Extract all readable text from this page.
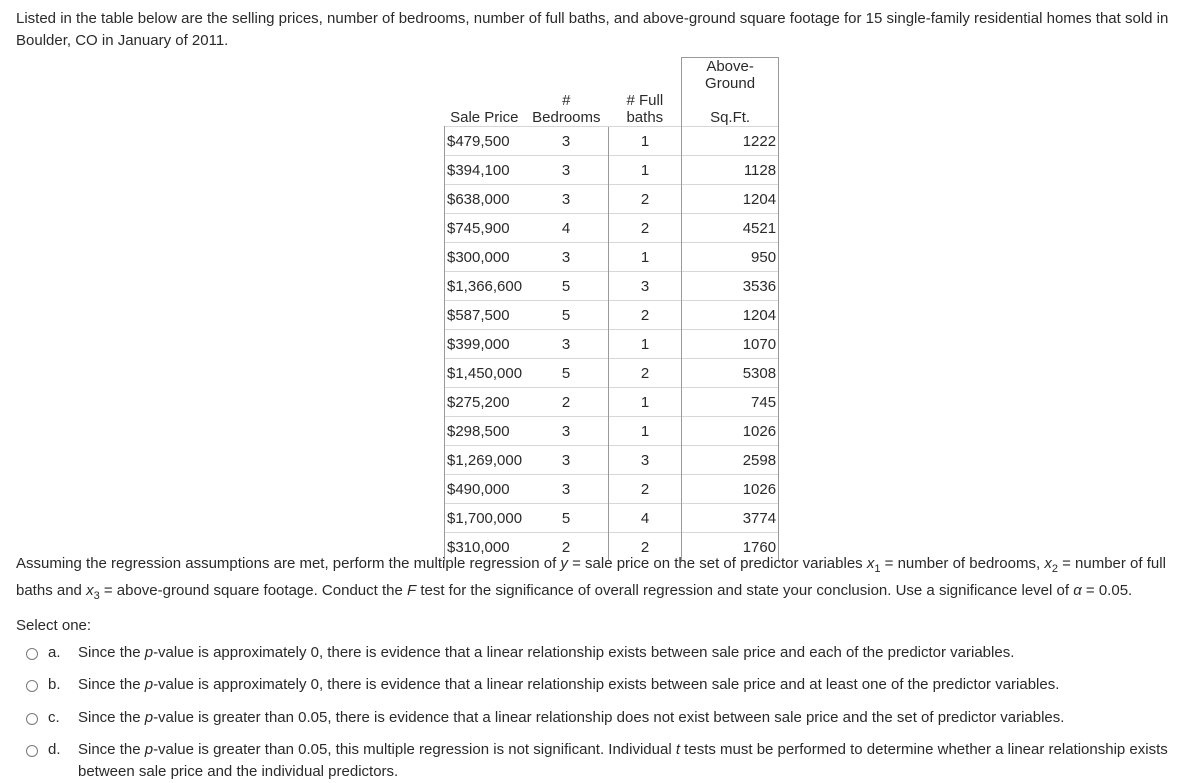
Listed in the table below are the selling prices, number of bedrooms, number of full baths, and above-ground square footage for 15 single-family residential homes that sold in Boulder, CO in January of 2011.
			Above-Ground
Sale Price	# Bedrooms	# Full baths	Sq.Ft.
$479,500	3	1	1222
$394,100	3	1	1128
$638,000	3	2	1204
$745,900	4	2	4521
$300,000	3	1	950
$1,366,600	5	3	3536
$587,500	5	2	1204
$399,000	3	1	1070
$1,450,000	5	2	5308
$275,200	2	1	745
$298,500	3	1	1026
$1,269,000	3	3	2598
$490,000	3	2	1026
$1,700,000	5	4	3774
$310,000	2	2	1760
Assuming the regression assumptions are met, perform the multiple regression of y = sale price on the set of predictor variables $x_1$ = number of bedrooms, $x_2$ = number of full baths and $x_3$ = above-ground square footage. Conduct the F test for the significance of overall regression and state your conclusion. Use a significance level of α = 0.05.
Select one:
a.	Since the p-value is approximately 0, there is evidence that a linear relationship exists between sale price and each of the predictor variables.
b.	Since the p-value is approximately 0, there is evidence that a linear relationship exists between sale price and at least one of the predictor variables.
c.	Since the p-value is greater than 0.05, there is evidence that a linear relationship does not exist between sale price and the set of predictor variables.
d.	Since the p-value is greater than 0.05, this multiple regression is not significant. Individual t tests must be performed to determine whether a linear relationship exists between sale price and the individual predictors.
